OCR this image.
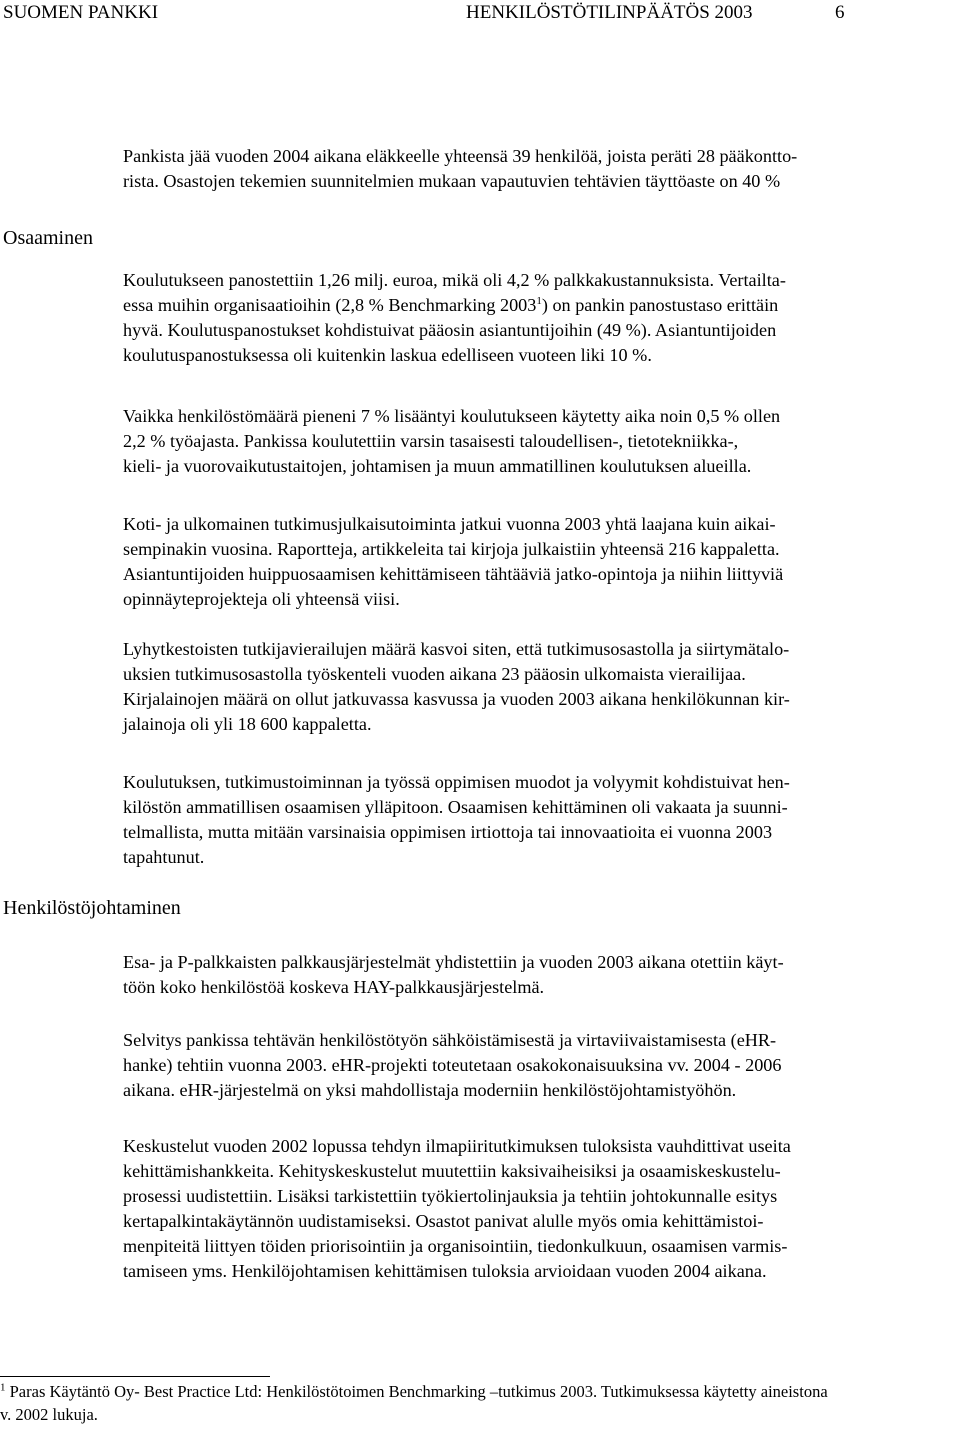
SUOMEN PANKKI	HENKILÖSTÖTILINPÄÄTÖS 2003	6
Osaaminen
Henkilöstöjohtaminen
Pankista jää vuoden 2004 aikana eläkkeelle yhteensä 39 henkilöä, joista peräti 28 pääkontto-
rista. Osastojen tekemien suunnitelmien mukaan vapautuvien tehtävien täyttöaste on 40 %
Koulutukseen panostettiin 1,26 milj. euroa, mikä oli 4,2 % palkkakustannuksista. Vertailta-
essa muihin organisaatioihin (2,8 % Benchmarking 2003$^1$) on pankin panostustaso erittäin
hyvä. Koulutuspanostukset kohdistuivat pääosin asiantuntijoihin (49 %). Asiantuntijoiden
koulutuspanostuksessa oli kuitenkin laskua edelliseen vuoteen liki 10 %.
Vaikka henkilöstömäärä pieneni 7 % lisääntyi koulutukseen käytetty aika noin 0,5 % ollen
2,2 % työajasta. Pankissa koulutettiin varsin tasaisesti taloudellisen-, tietotekniikka-,
kieli- ja vuorovaikutustaitojen, johtamisen ja muun ammatillinen koulutuksen alueilla.
Koti- ja ulkomainen tutkimusjulkaisutoiminta jatkui vuonna 2003 yhtä laajana kuin aikai-
sempinakin vuosina. Raportteja, artikkeleita tai kirjoja julkaistiin yhteensä 216 kappaletta.
Asiantuntijoiden huippuosaamisen kehittämiseen tähtääviä jatko-opintoja ja niihin liittyviä
opinnäyteprojekteja oli yhteensä viisi.
Lyhytkestoisten tutkijavierailujen määrä kasvoi siten, että tutkimusosastolla ja siirtymätalo-
uksien tutkimusosastolla työskenteli vuoden aikana 23 pääosin ulkomaista vierailijaa.
Kirjalainojen määrä on ollut jatkuvassa kasvussa ja vuoden 2003 aikana henkilökunnan kir-
jalainoja oli yli 18 600 kappaletta.
Koulutuksen, tutkimustoiminnan ja työssä oppimisen muodot ja volyymit kohdistuivat hen-
kilöstön ammatillisen osaamisen ylläpitoon. Osaamisen kehittäminen oli vakaata ja suunni-
telmallista, mutta mitään varsinaisia oppimisen irtiottoja tai innovaatioita ei vuonna 2003
tapahtunut.
Esa- ja P-palkkaisten palkkausjärjestelmät yhdistettiin ja vuoden 2003 aikana otettiin käyt-
töön koko henkilöstöä koskeva HAY-palkkausjärjestelmä.
Selvitys pankissa tehtävän henkilöstötyön sähköistämisestä ja virtaviivaistamisesta (eHR-
hanke) tehtiin vuonna 2003. eHR-projekti toteutetaan osakokonaisuuksina vv. 2004 - 2006
aikana. eHR-järjestelmä on yksi mahdollistaja moderniin henkilöstöjohtamistyöhön.
Keskustelut vuoden 2002 lopussa tehdyn ilmapiiritutkimuksen tuloksista vauhdittivat useita
kehittämishankkeita. Kehityskeskustelut muutettiin kaksivaiheisiksi ja osaamiskeskustelu-
prosessi uudistettiin. Lisäksi tarkistettiin työkiertolinjauksia ja tehtiin johtokunnalle esitys
kertapalkintakäytännön uudistamiseksi. Osastot panivat alulle myös omia kehittämistoi-
menpiteitä liittyen töiden priorisointiin ja organisointiin, tiedonkulkuun, osaamisen varmis-
tamiseen yms. Henkilöjohtamisen kehittämisen tuloksia arvioidaan vuoden 2004 aikana.
$^1$ Paras Käytäntö Oy- Best Practice Ltd: Henkilöstötoimen Benchmarking –tutkimus 2003. Tutkimuksessa käytetty aineistona
v. 2002 lukuja.
